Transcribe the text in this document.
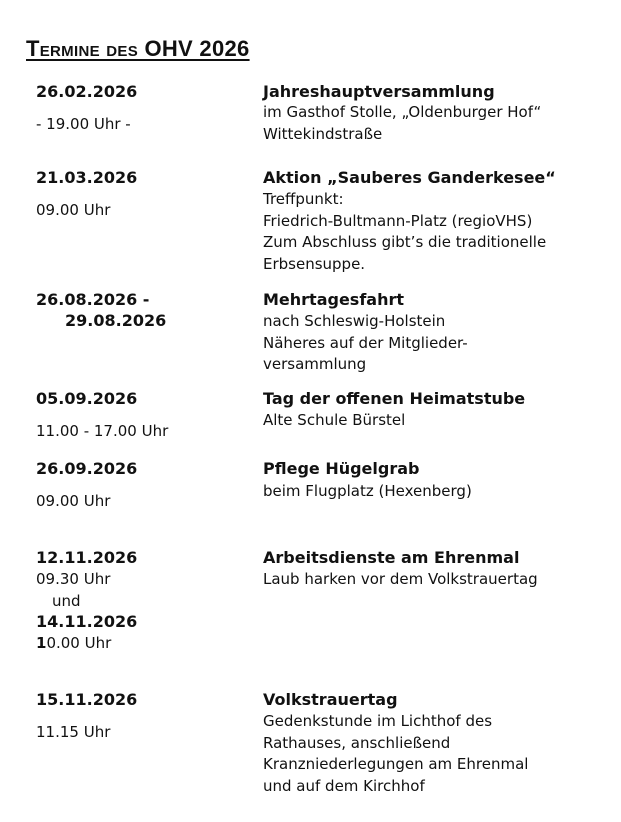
Termine des OHV 2026
26.02.2026
- 19.00 Uhr -
Jahreshauptversammlung
im Gasthof Stolle, „Oldenburger Hof“
Wittekindstraße
21.03.2026
09.00 Uhr
Aktion „Sauberes Ganderkesee“
Treffpunkt:
Friedrich-Bultmann-Platz (regioVHS)
Zum Abschluss gibt’s die traditionelle
Erbsensuppe.
26.08.2026 -
29.08.2026
Mehrtagesfahrt
nach Schleswig-Holstein
Näheres auf der Mitglieder-
versammlung
05.09.2026
11.00 - 17.00 Uhr
Tag der offenen Heimatstube
Alte Schule Bürstel
26.09.2026
09.00 Uhr
Pflege Hügelgrab
beim Flugplatz (Hexenberg)
12.11.2026
09.30 Uhr
und
14.11.2026
10.00 Uhr
Arbeitsdienste am Ehrenmal
Laub harken vor dem Volkstrauertag
15.11.2026
11.15 Uhr
Volkstrauertag
Gedenkstunde im Lichthof des
Rathauses, anschließend
Kranzniederlegungen am Ehrenmal
und auf dem Kirchhof
